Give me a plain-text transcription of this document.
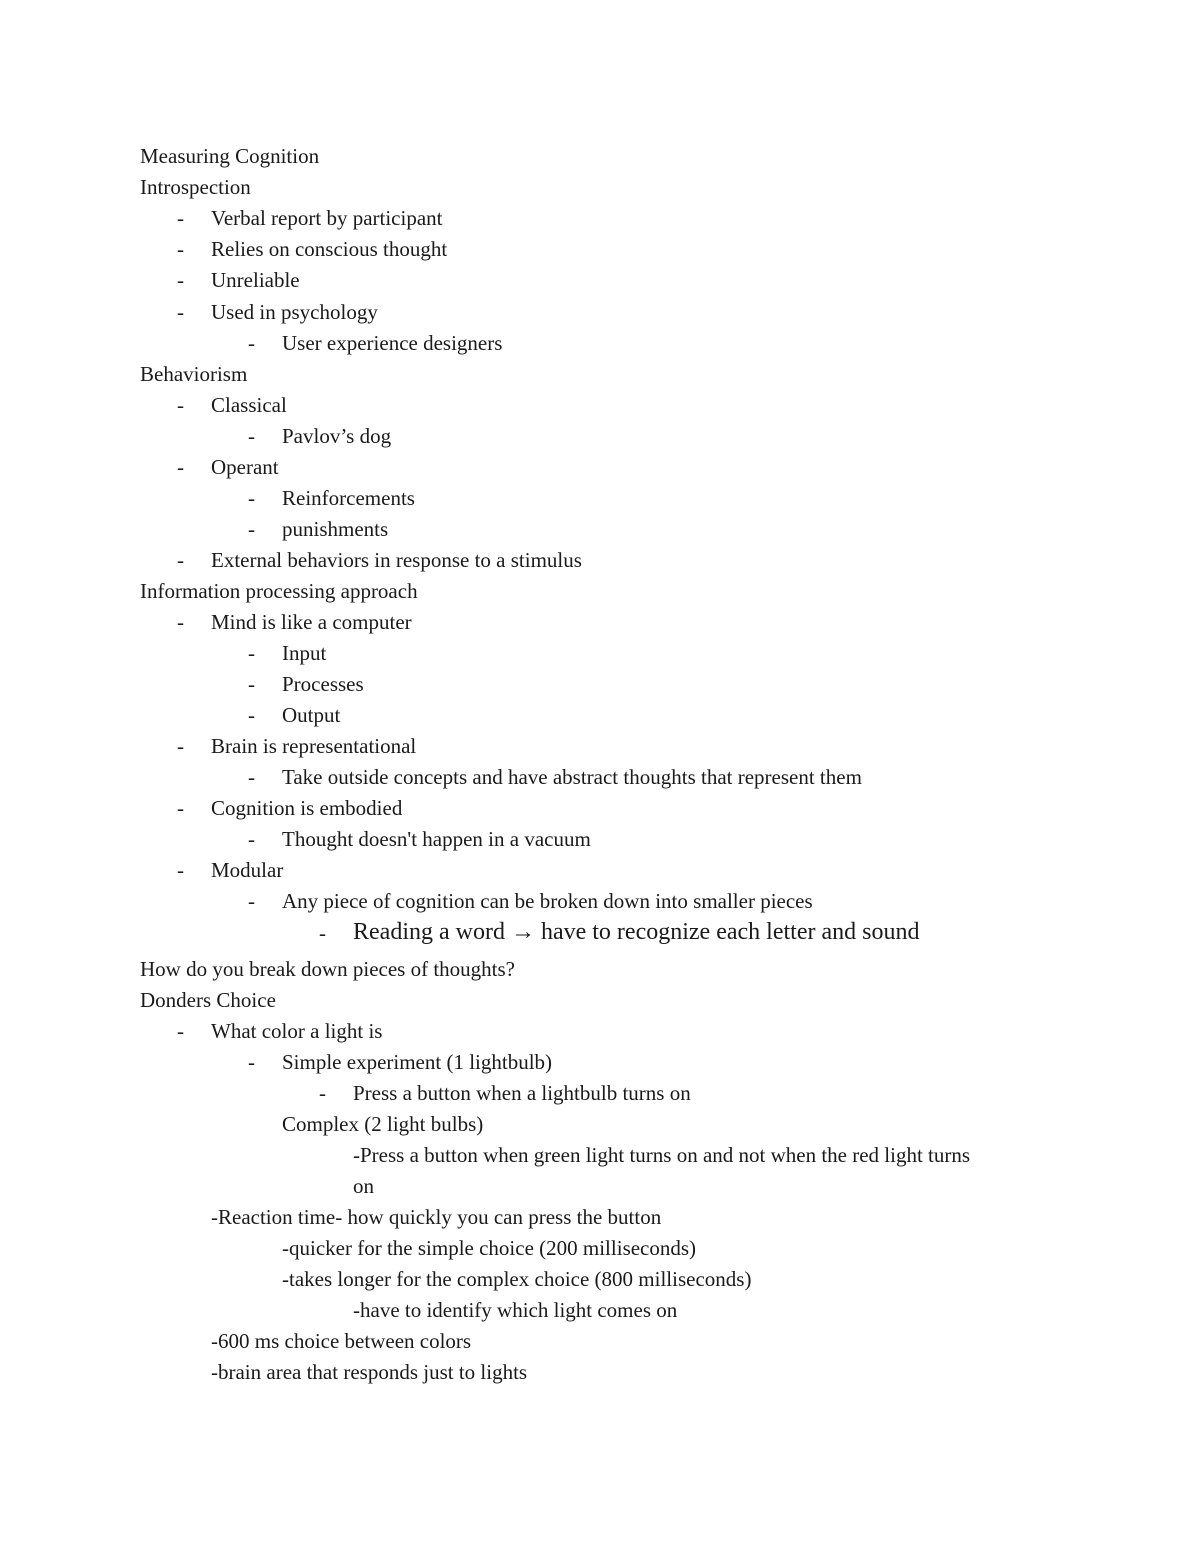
Measuring Cognition
Introspection
- Verbal report by participant
- Relies on conscious thought
- Unreliable
- Used in psychology
- User experience designers
Behaviorism
- Classical
- Pavlov’s dog
- Operant
- Reinforcements
- punishments
- External behaviors in response to a stimulus
Information processing approach
- Mind is like a computer
- Input
- Processes
- Output
- Brain is representational
- Take outside concepts and have abstract thoughts that represent them
- Cognition is embodied
- Thought doesn't happen in a vacuum
- Modular
- Any piece of cognition can be broken down into smaller pieces
- Reading a word → have to recognize each letter and sound
How do you break down pieces of thoughts?
Donders Choice
- What color a light is
- Simple experiment (1 lightbulb)
- Press a button when a lightbulb turns on
Complex (2 light bulbs)
-Press a button when green light turns on and not when the red light turns
on
-Reaction time- how quickly you can press the button
-quicker for the simple choice (200 milliseconds)
-takes longer for the complex choice (800 milliseconds)
-have to identify which light comes on
-600 ms choice between colors
-brain area that responds just to lights
